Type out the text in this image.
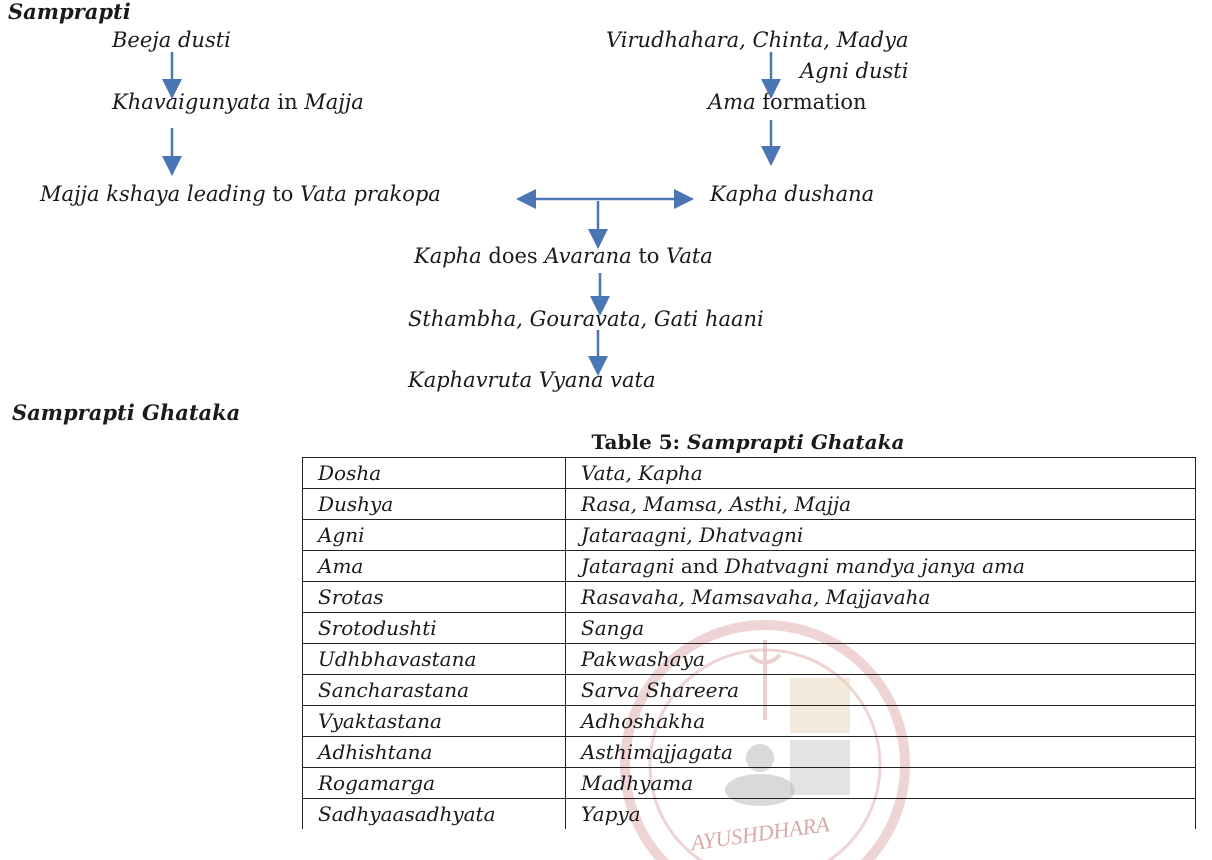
AYUSHDHARA
Samprapti
Samprapti Ghataka
Beeja dusti
Khavaigunyata in Majja
Majja kshaya leading to Vata prakopa
Virudhahara, Chinta, Madya
Agni dusti
Ama formation
Kapha dushana
Kapha does Avarana to Vata
Sthambha, Gouravata, Gati haani
Kaphavruta Vyana vata
Table 5: Samprapti Ghataka
Dosha	Vata, Kapha
Dushya	Rasa, Mamsa, Asthi, Majja
Agni	Jataraagni, Dhatvagni
Ama	Jataragni and Dhatvagni mandya janya ama
Srotas	Rasavaha, Mamsavaha, Majjavaha
Srotodushti	Sanga
Udhbhavastana	Pakwashaya
Sancharastana	Sarva Shareera
Vyaktastana	Adhoshakha
Adhishtana	Asthimajjagata
Rogamarga	Madhyama
Sadhyaasadhyata	Yapya
